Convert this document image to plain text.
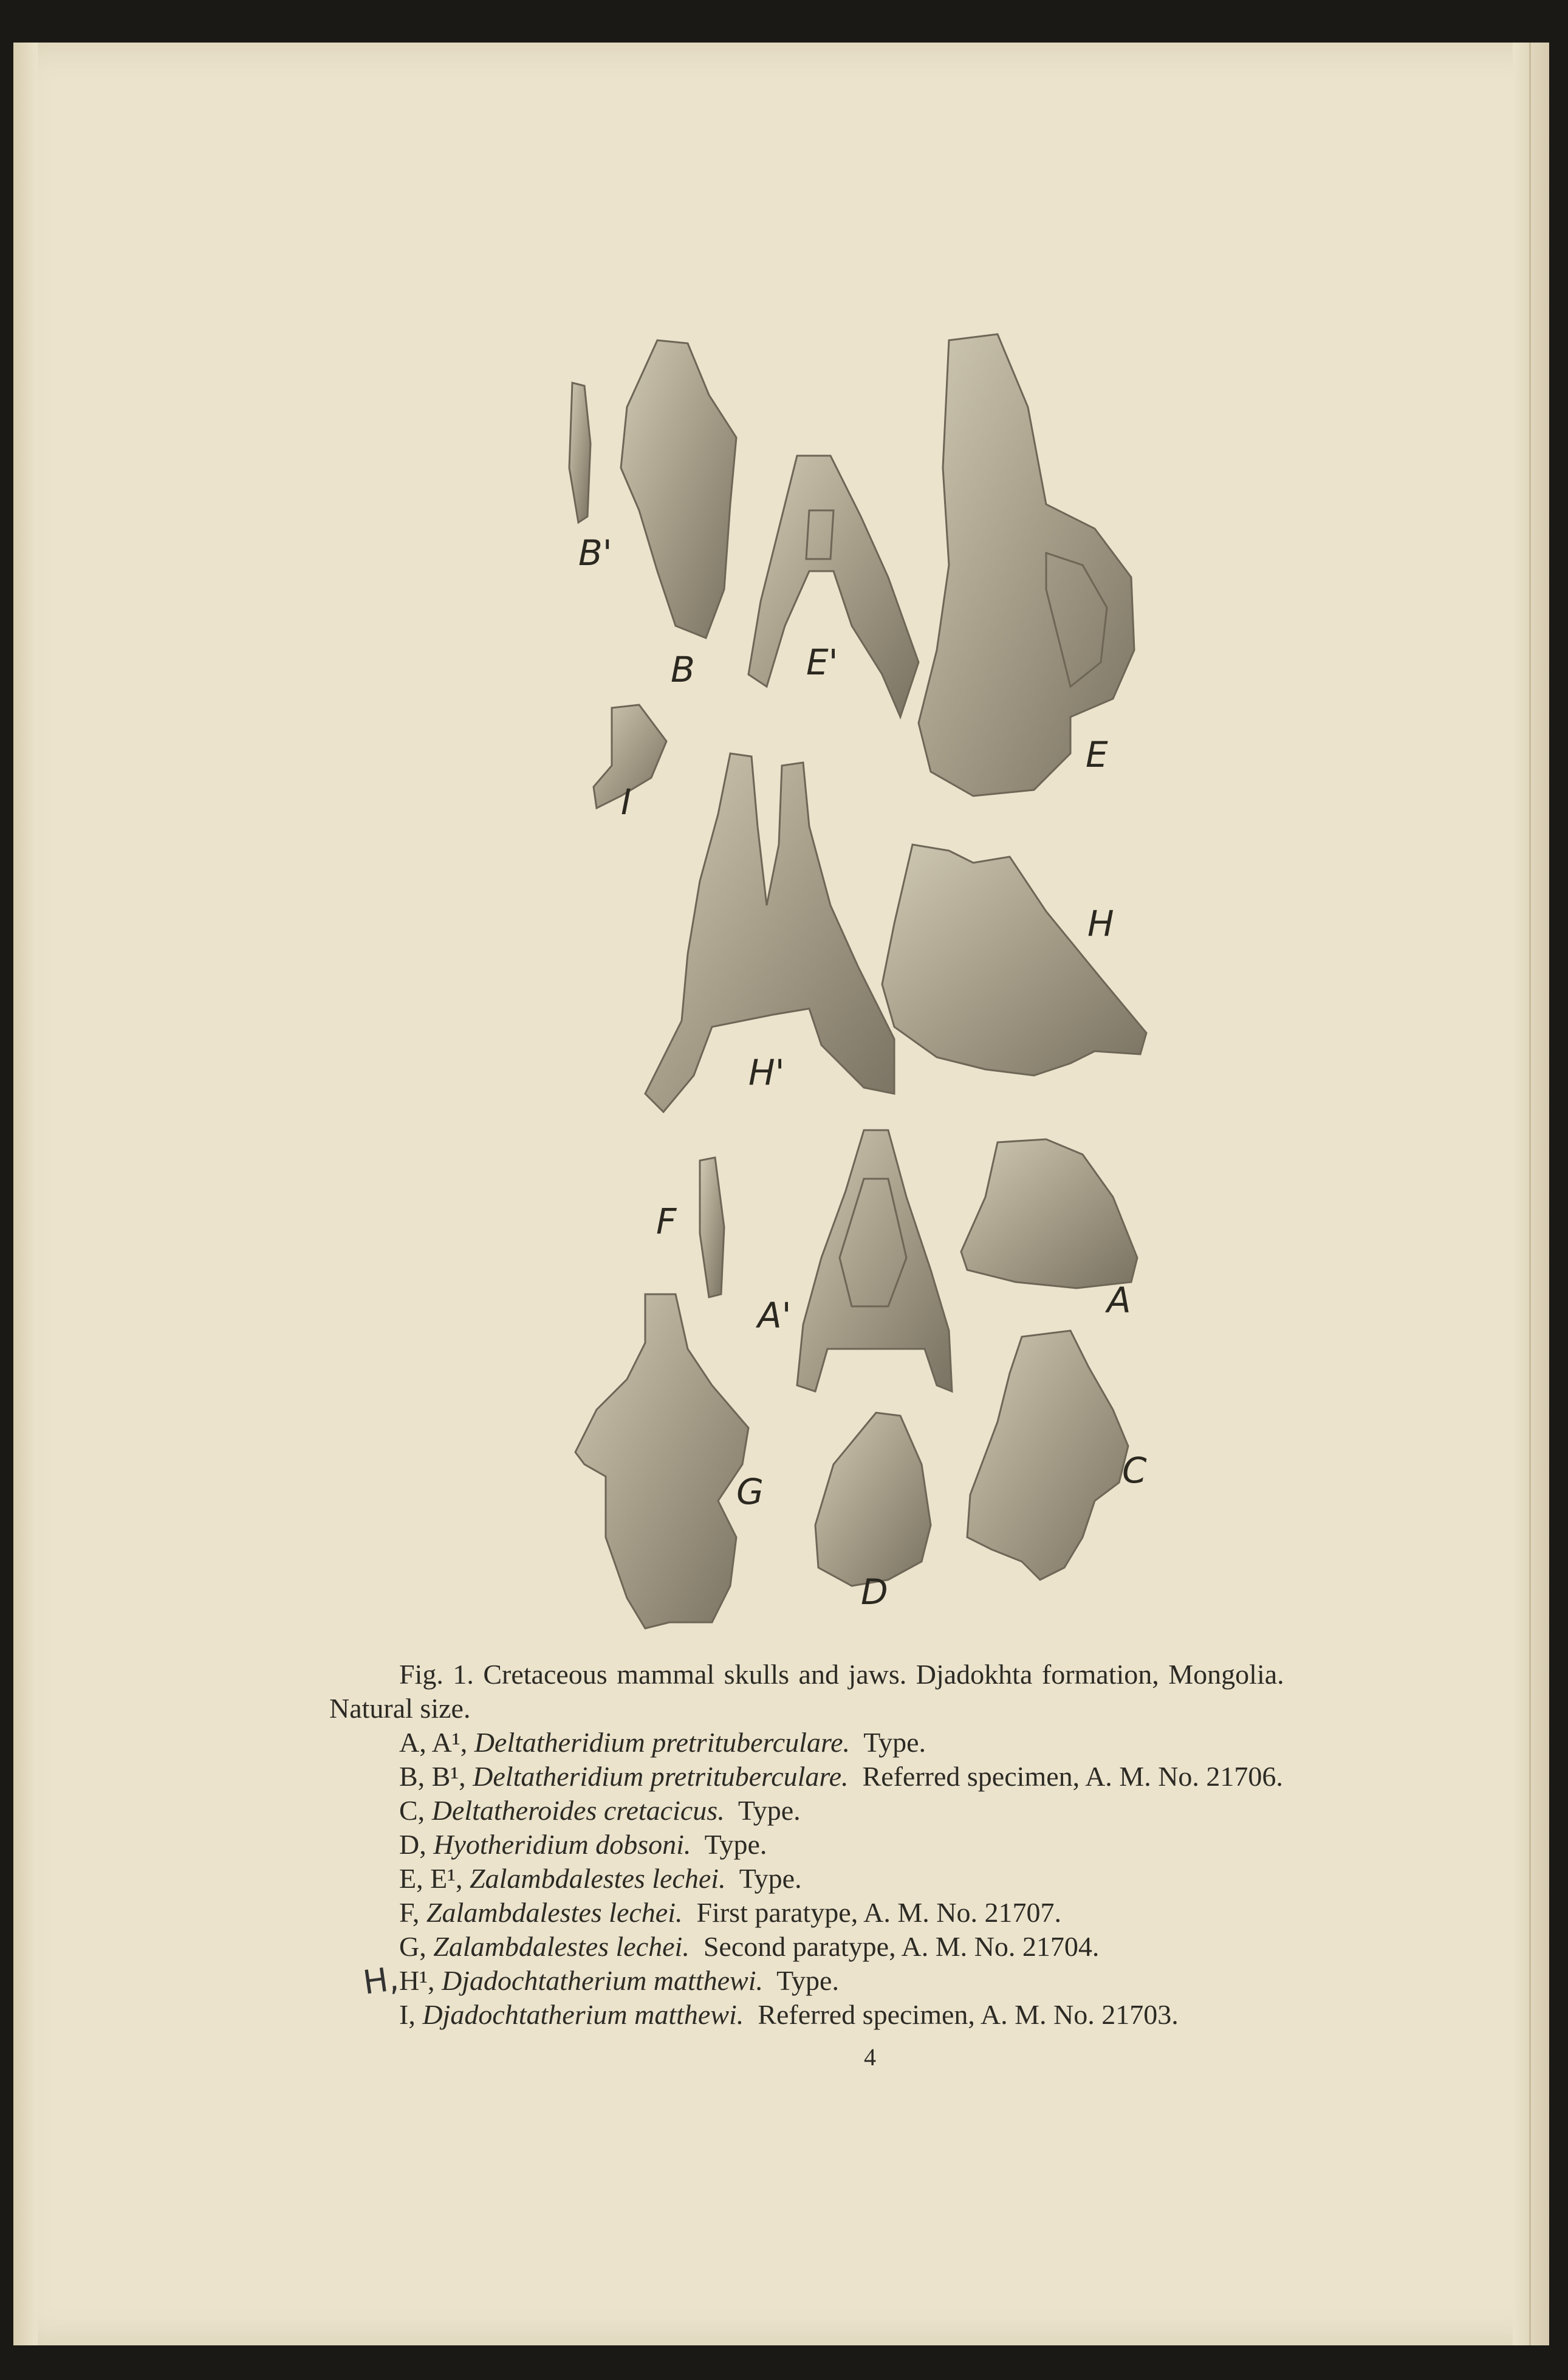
B'
B	E'
E
I
H
H'
F
A'	A
G
C
D
Fig. 1. Cretaceous mammal skulls and jaws. Djadokhta formation, Mongolia.
Natural size.
A, A¹, Deltatheridium pretrituberculare.  Type.
B, B¹, Deltatheridium pretrituberculare.  Referred specimen, A. M. No. 21706.
C, Deltatheroides cretacicus.  Type.
D, Hyotheridium dobsoni.  Type.
E, E¹, Zalambdalestes lechei.  Type.
F, Zalambdalestes lechei.  First paratype, A. M. No. 21707.
G, Zalambdalestes lechei.  Second paratype, A. M. No. 21704.
H,
H¹, Djadochtatherium matthewi.  Type.
I, Djadochtatherium matthewi.  Referred specimen, A. M. No. 21703.
4
